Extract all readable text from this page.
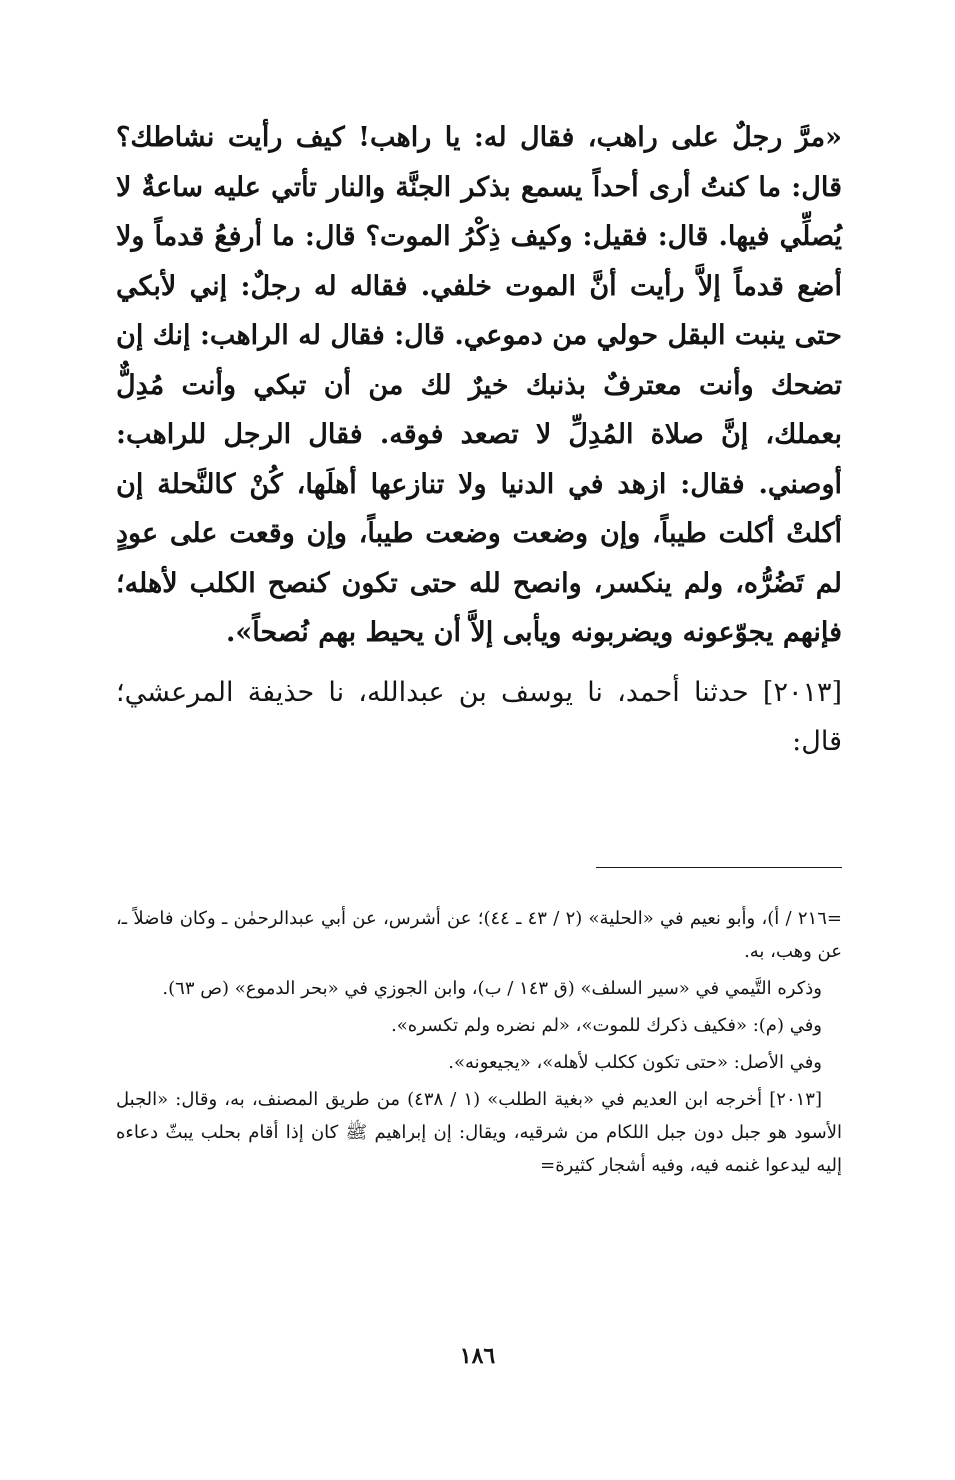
«مرَّ رجلٌ على راهب، فقال له: يا راهب! كيف رأيت نشاطك؟ قال: ما كنتُ أرى أحداً يسمع بذكر الجنَّة والنار تأتي عليه ساعةٌ لا يُصلِّي فيها. قال: فقيل: وكيف ذِكْرُ الموت؟ قال: ما أرفعُ قدماً ولا أضع قدماً إلاَّ رأيت أنَّ الموت خلفي. فقاله له رجلٌ: إني لأبكي حتى ينبت البقل حولي من دموعي. قال: فقال له الراهب: إنك إن تضحك وأنت معترفٌ بذنبك خيرٌ لك من أن تبكي وأنت مُدِلٌّ بعملك، إنَّ صلاة المُدِلِّ لا تصعد فوقه. فقال الرجل للراهب: أوصني. فقال: ازهد في الدنيا ولا تنازعها أهلَها، كُنْ كالنَّحلة إن أكلتْ أكلت طيباً، وإن وضعت وضعت طيباً، وإن وقعت على عودٍ لم تَضُرُّه، ولم ينكسر، وانصح لله حتى تكون كنصح الكلب لأهله؛ فإنهم يجوّعونه ويضربونه ويأبى إلاَّ أن يحيط بهم نُصحاً».

[٢٠١٣] حدثنا أحمد، نا يوسف بن عبدالله، نا حذيفة المرعشي؛ قال:

=٢١٦ / أ)، وأبو نعيم في «الحلية» (٢ / ٤٣ ـ ٤٤)؛ عن أشرس، عن أبي عبدالرحمٰن ـ وكان فاضلاً ـ، عن وهب، به.

وذكره التَّيمي في «سير السلف» (ق ١٤٣ / ب)، وابن الجوزي في «بحر الدموع» (ص ٦٣).

وفي (م): «فكيف ذكرك للموت»، «لم نضره ولم تكسره».

وفي الأصل: «حتى تكون ككلب لأهله»، «يجيعونه».

[٢٠١٣] أخرجه ابن العديم في «بغية الطلب» (١ / ٤٣٨) من طريق المصنف، به، وقال: «الجبل الأسود هو جبل دون جبل اللكام من شرقيه، ويقال: إن إبراهيم ﷺ كان إذا أقام بحلب يبثّ دعاءه إليه ليدعوا غنمه فيه، وفيه أشجار كثيرة=

١٨٦
